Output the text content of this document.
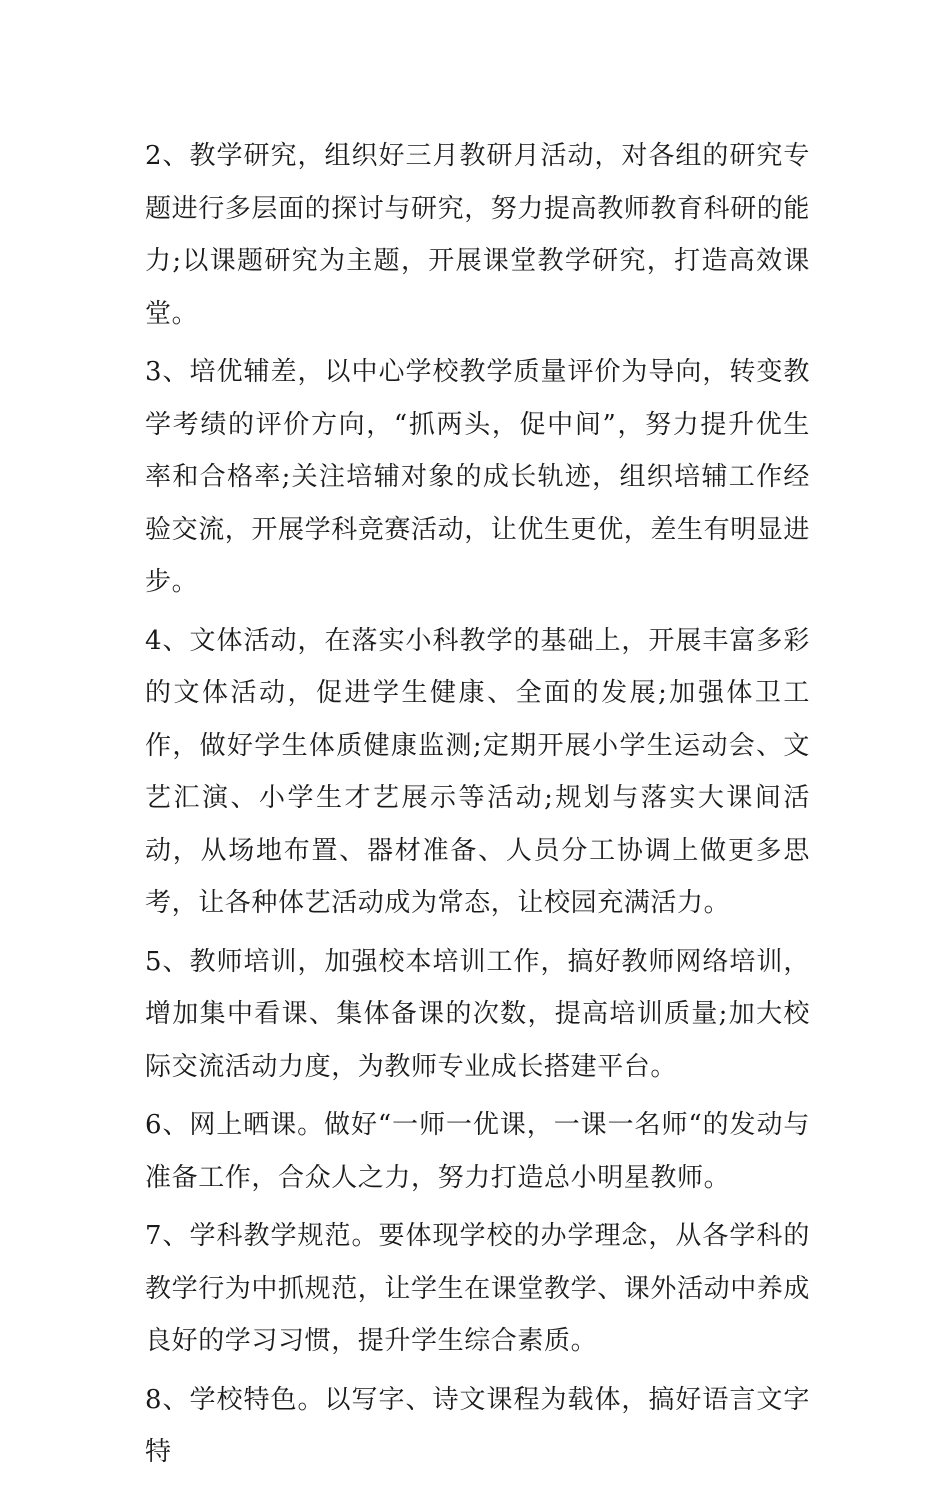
2、教学研究，组织好三月教研月活动，对各组的研究专题进行多层面的探讨与研究，努力提高教师教育科研的能力;以课题研究为主题，开展课堂教学研究，打造高效课堂。

3、培优辅差，以中心学校教学质量评价为导向，转变教学考绩的评价方向，“抓两头，促中间”，努力提升优生率和合格率;关注培辅对象的成长轨迹，组织培辅工作经验交流，开展学科竞赛活动，让优生更优，差生有明显进步。

4、文体活动，在落实小科教学的基础上，开展丰富多彩的文体活动，促进学生健康、全面的发展;加强体卫工作，做好学生体质健康监测;定期开展小学生运动会、文艺汇演、小学生才艺展示等活动;规划与落实大课间活动，从场地布置、器材准备、人员分工协调上做更多思考，让各种体艺活动成为常态，让校园充满活力。

5、教师培训，加强校本培训工作，搞好教师网络培训，增加集中看课、集体备课的次数，提高培训质量;加大校际交流活动力度，为教师专业成长搭建平台。

6、网上晒课。做好“一师一优课，一课一名师“的发动与准备工作，合众人之力，努力打造总小明星教师。

7、学科教学规范。要体现学校的办学理念，从各学科的教学行为中抓规范，让学生在课堂教学、课外活动中养成良好的学习习惯，提升学生综合素质。

8、学校特色。以写字、诗文课程为载体，搞好语言文字特
